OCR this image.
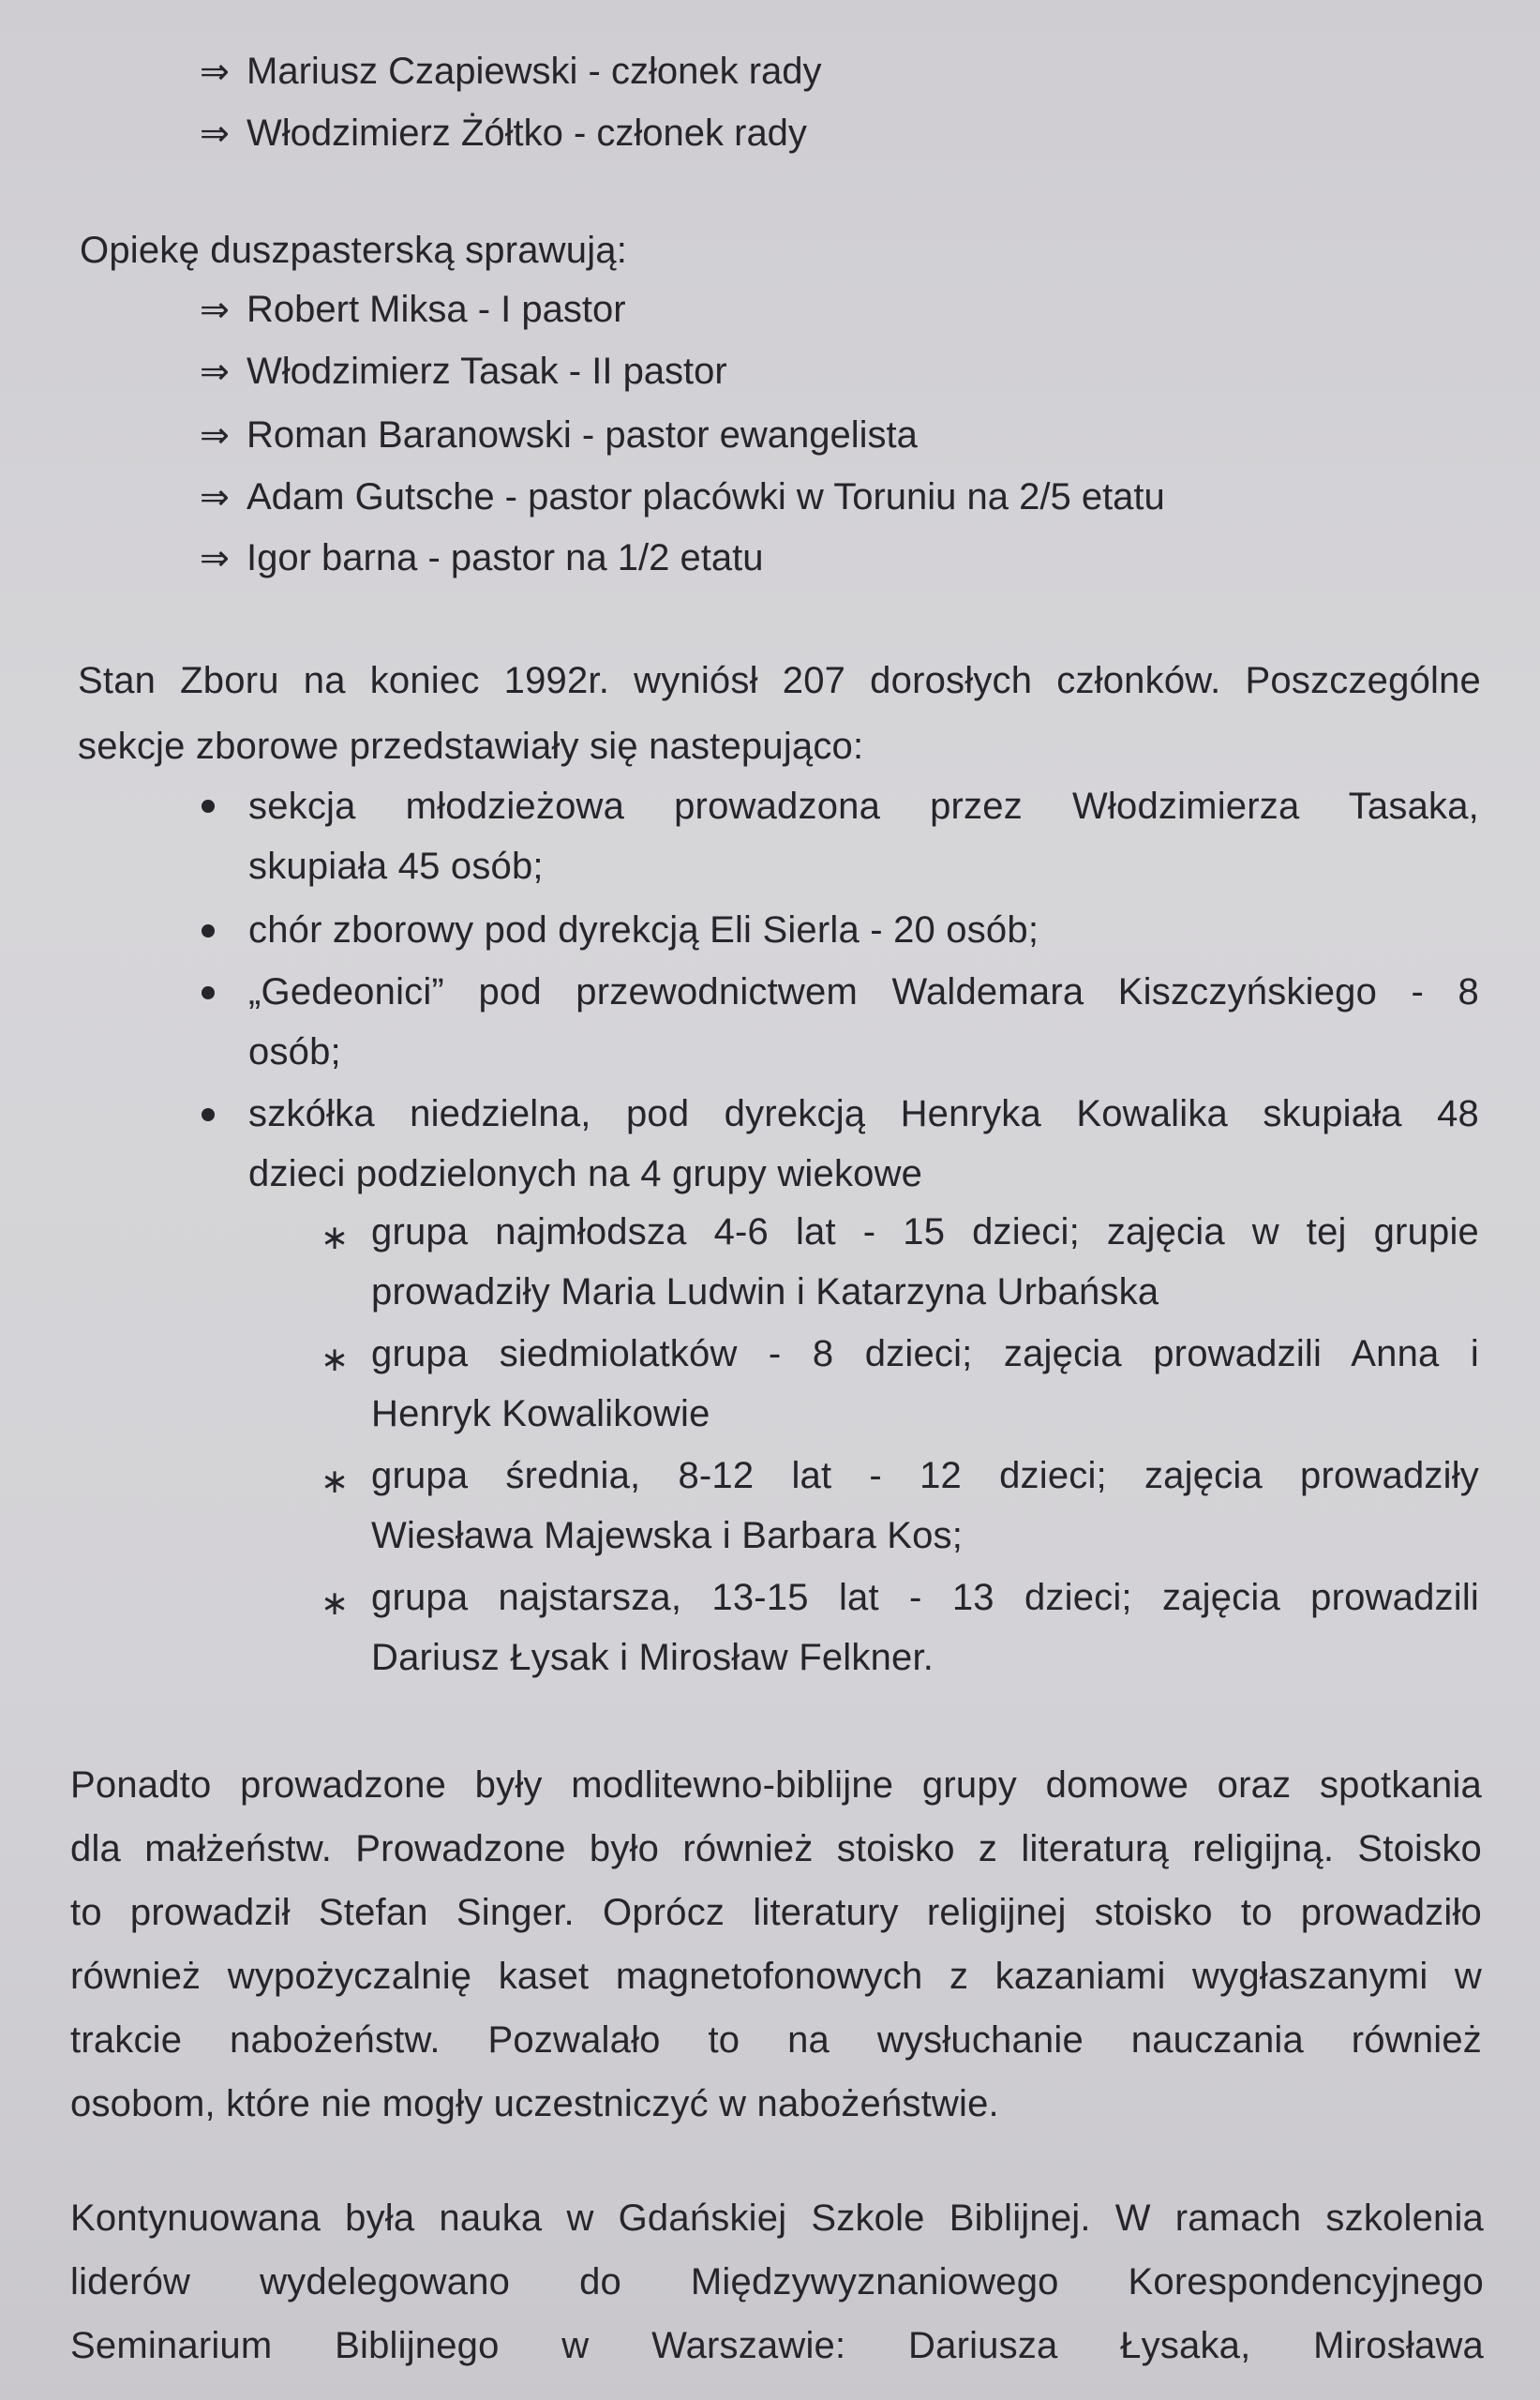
⇒ Mariusz Czapiewski - członek rady
⇒ Włodzimierz Żółtko - członek rady
Opiekę duszpasterską sprawują:
⇒ Robert Miksa - I pastor
⇒ Włodzimierz Tasak - II pastor
⇒ Roman Baranowski - pastor ewangelista
⇒ Adam Gutsche - pastor placówki w Toruniu na 2/5 etatu
⇒ Igor barna - pastor na 1/2 etatu
Stan Zboru na koniec 1992r. wyniósł 207 dorosłych członków. Poszczególne
sekcje zborowe przedstawiały się nastepująco:
sekcja młodzieżowa prowadzona przez Włodzimierza Tasaka,
skupiała 45 osób;
chór zborowy pod dyrekcją Eli Sierla - 20 osób;
„Gedeonici” pod przewodnictwem Waldemara Kiszczyńskiego - 8
osób;
szkółka niedzielna, pod dyrekcją Henryka Kowalika skupiała 48
dzieci podzielonych na 4 grupy wiekowe
∗ grupa najmłodsza 4-6 lat - 15 dzieci; zajęcia w tej grupie
prowadziły Maria Ludwin i Katarzyna Urbańska
∗ grupa siedmiolatków - 8 dzieci; zajęcia prowadzili Anna i
Henryk Kowalikowie
∗ grupa średnia, 8-12 lat - 12 dzieci; zajęcia prowadziły
Wiesława Majewska i Barbara Kos;
∗ grupa najstarsza, 13-15 lat - 13 dzieci; zajęcia prowadzili
Dariusz Łysak i Mirosław Felkner.
Ponadto prowadzone były modlitewno-biblijne grupy domowe oraz spotkania
dla małżeństw. Prowadzone było również stoisko z literaturą religijną. Stoisko
to prowadził Stefan Singer. Oprócz literatury religijnej stoisko to prowadziło
również wypożyczalnię kaset magnetofonowych z kazaniami wygłaszanymi w
trakcie nabożeństw. Pozwalało to na wysłuchanie nauczania również
osobom, które nie mogły uczestniczyć w nabożeństwie.
Kontynuowana była nauka w Gdańskiej Szkole Biblijnej. W ramach szkolenia
liderów wydelegowano do Międzywyznaniowego Korespondencyjnego
Seminarium Biblijnego w Warszawie: Dariusza Łysaka, Mirosława
